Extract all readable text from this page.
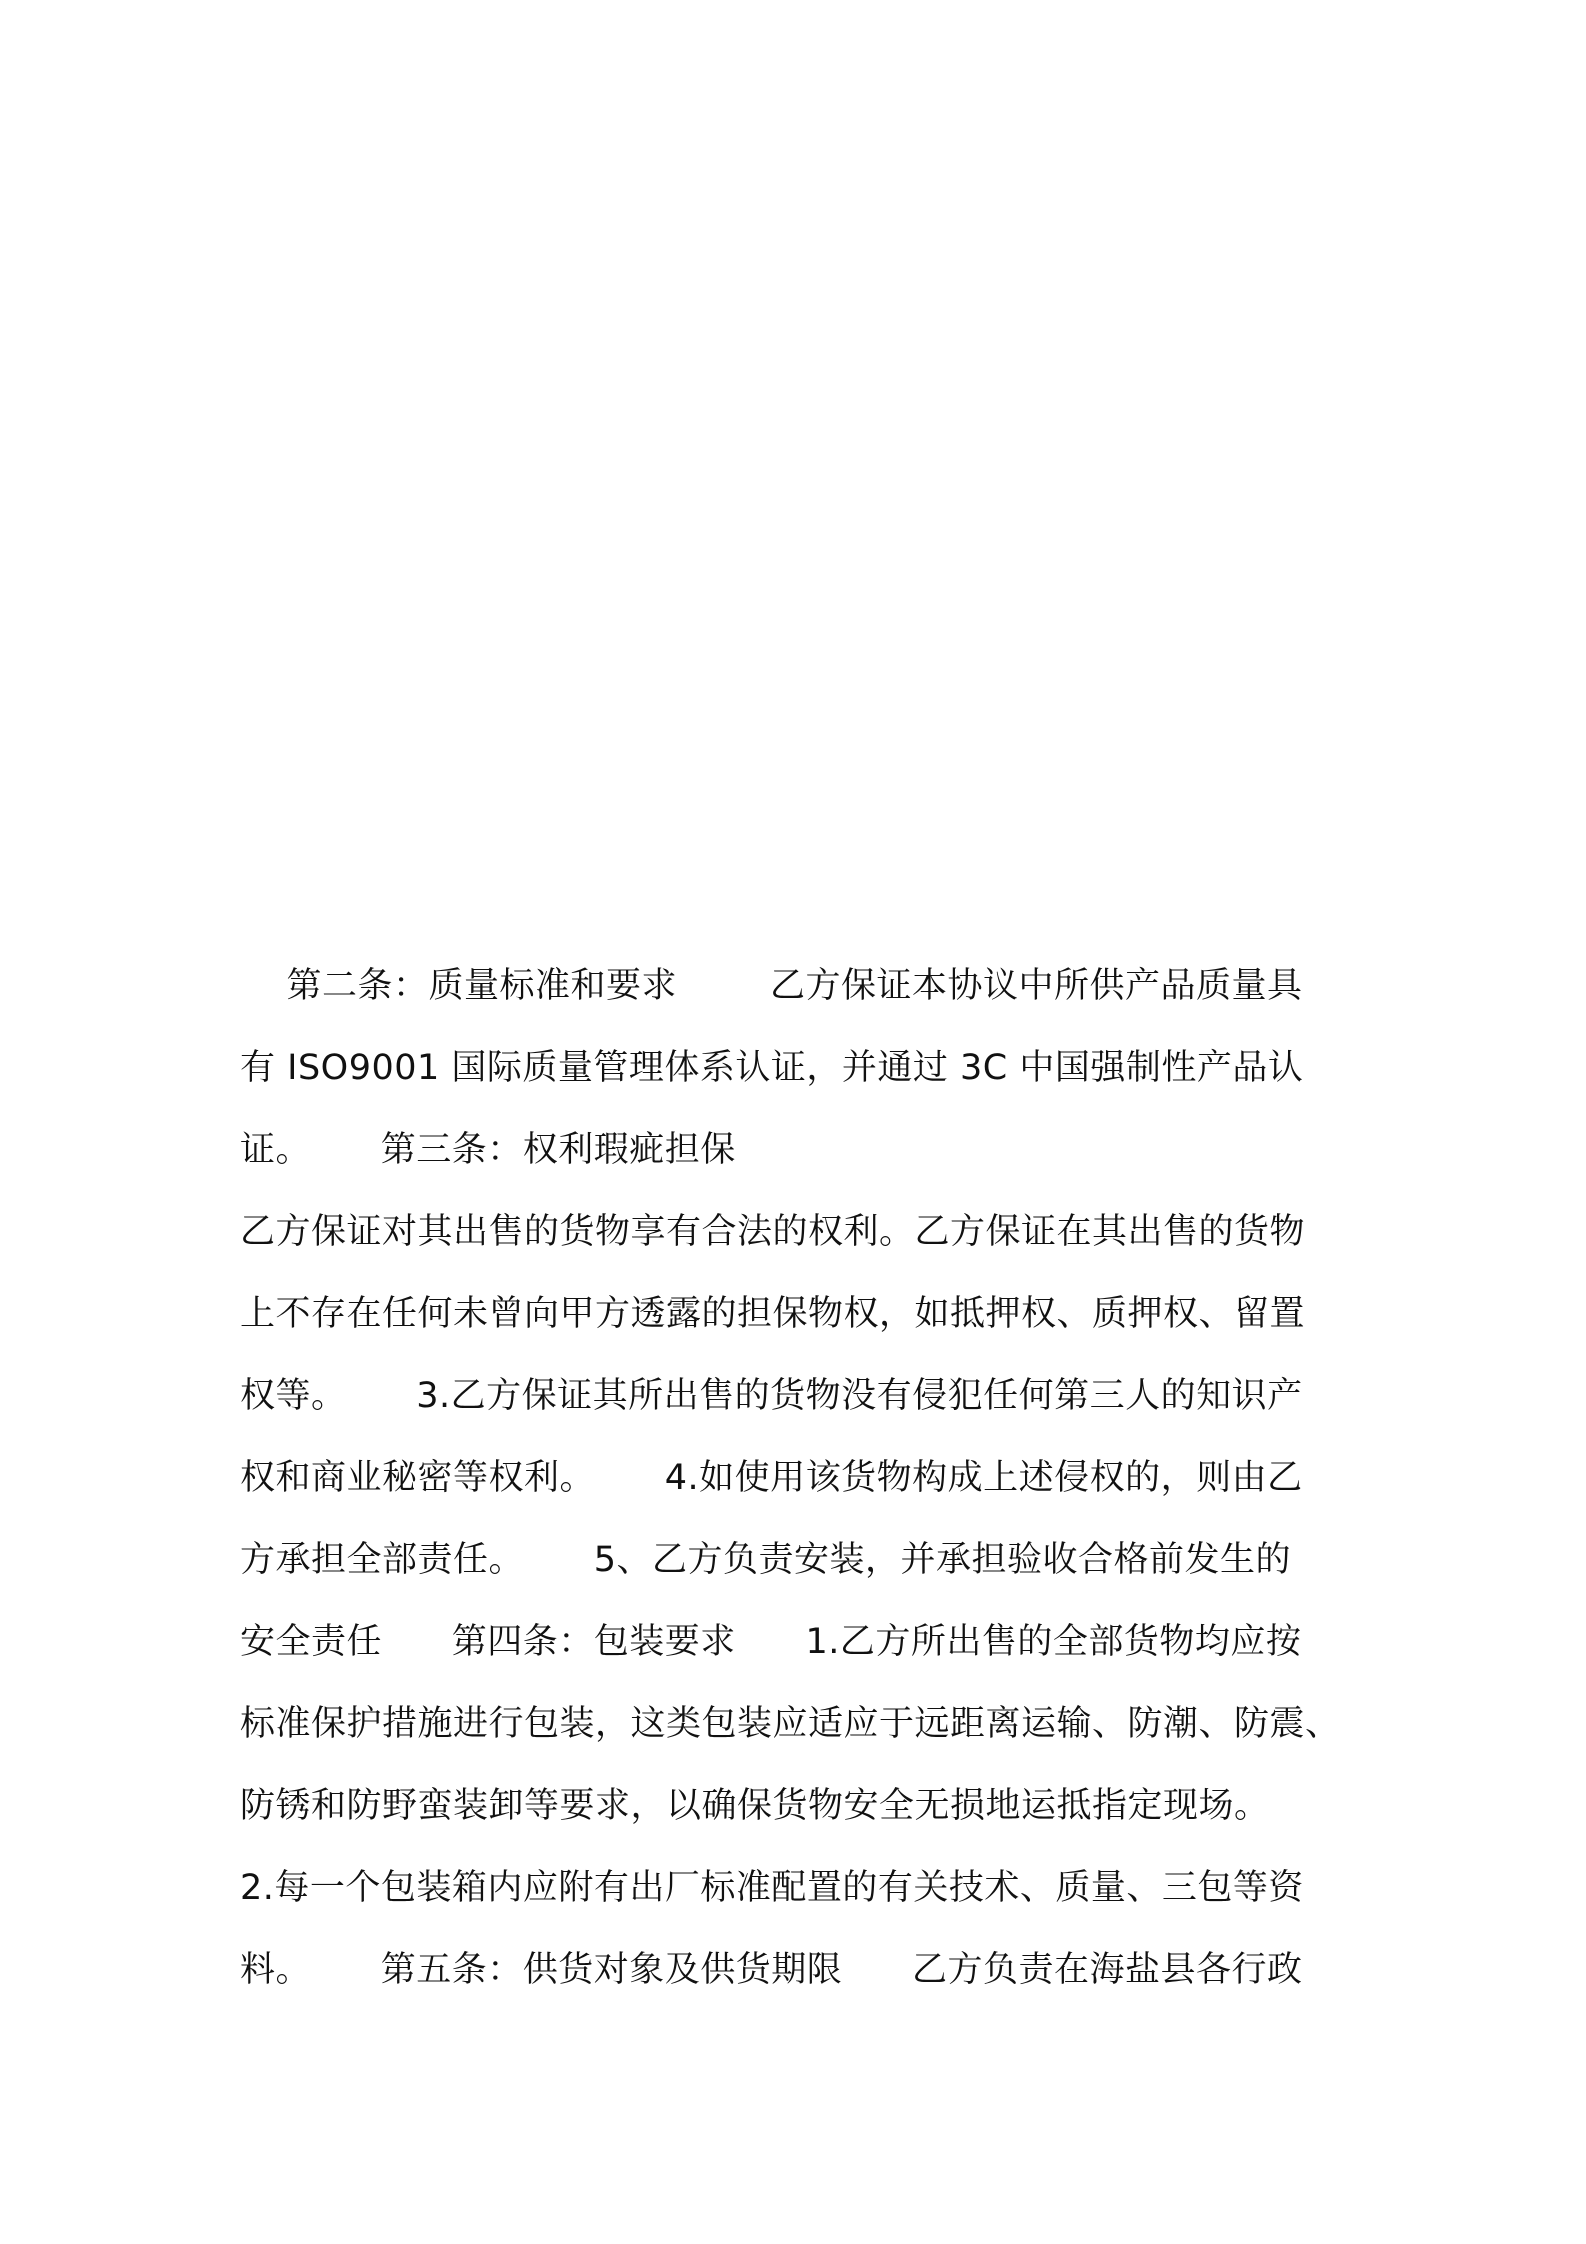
第二条：质量标准和要求        乙方保证本协议中所供产品质量具
有 ISO9001 国际质量管理体系认证，并通过 3C 中国强制性产品认
证。      第三条：权利瑕疵担保
乙方保证对其出售的货物享有合法的权利。乙方保证在其出售的货物
上不存在任何未曾向甲方透露的担保物权，如抵押权、质押权、留置
权等。      3.乙方保证其所出售的货物没有侵犯任何第三人的知识产
权和商业秘密等权利。      4.如使用该货物构成上述侵权的，则由乙
方承担全部责任。      5、乙方负责安装，并承担验收合格前发生的
安全责任      第四条：包装要求      1.乙方所出售的全部货物均应按
标准保护措施进行包装，这类包装应适应于远距离运输、防潮、防震、
防锈和防野蛮装卸等要求，以确保货物安全无损地运抵指定现场。
2.每一个包装箱内应附有出厂标准配置的有关技术、质量、三包等资
料。      第五条：供货对象及供货期限      乙方负责在海盐县各行政
